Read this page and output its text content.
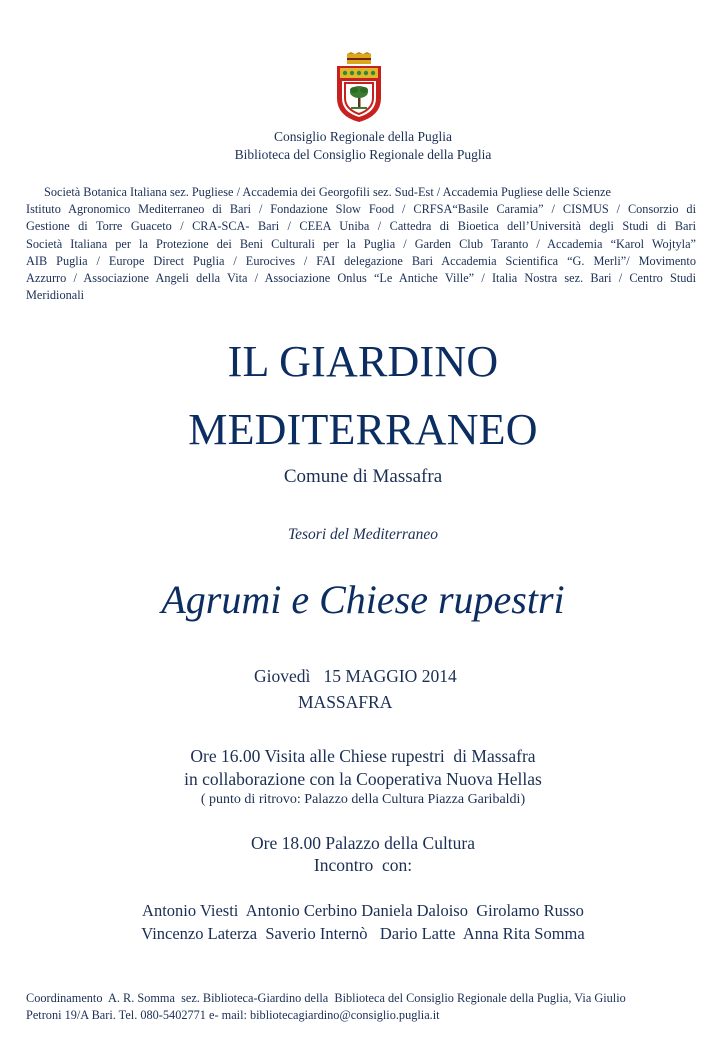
Consiglio Regionale della Puglia
Biblioteca del Consiglio Regionale della Puglia
Società Botanica Italiana sez. Pugliese / Accademia dei Georgofili sez. Sud-Est / Accademia Pugliese delle Scienze
Istituto Agronomico Mediterraneo di Bari / Fondazione Slow Food / CRFSA“Basile Caramia” / CISMUS / Consorzio di
Gestione di Torre Guaceto / CRA-SCA- Bari / CEEA Uniba / Cattedra di Bioetica dell’Università degli Studi di Bari
Società Italiana per la Protezione dei Beni Culturali per la Puglia / Garden Club Taranto / Accademia “Karol Wojtyla”
AIB Puglia / Europe Direct Puglia / Eurocives / FAI delegazione Bari Accademia Scientifica “G. Merli”/ Movimento
Azzurro / Associazione Angeli della Vita / Associazione Onlus “Le Antiche Ville” / Italia Nostra sez. Bari / Centro Studi
Meridionali
IL GIARDINO
MEDITERRANEO
Comune di Massafra
Tesori del Mediterraneo
Agrumi e Chiese rupestri
Giovedì   15 MAGGIO 2014
MASSAFRA
Ore 16.00 Visita alle Chiese rupestri  di Massafra
in collaborazione con la Cooperativa Nuova Hellas
( punto di ritrovo: Palazzo della Cultura Piazza Garibaldi)
Ore 18.00 Palazzo della Cultura
Incontro  con:
Antonio Viesti  Antonio Cerbino Daniela Daloiso  Girolamo Russo
Vincenzo Laterza  Saverio Internò   Dario Latte  Anna Rita Somma
Coordinamento  A. R. Somma  sez. Biblioteca-Giardino della  Biblioteca del Consiglio Regionale della Puglia, Via Giulio
Petroni 19/A Bari. Tel. 080-5402771 e- mail: bibliotecagiardino@consiglio.puglia.it
